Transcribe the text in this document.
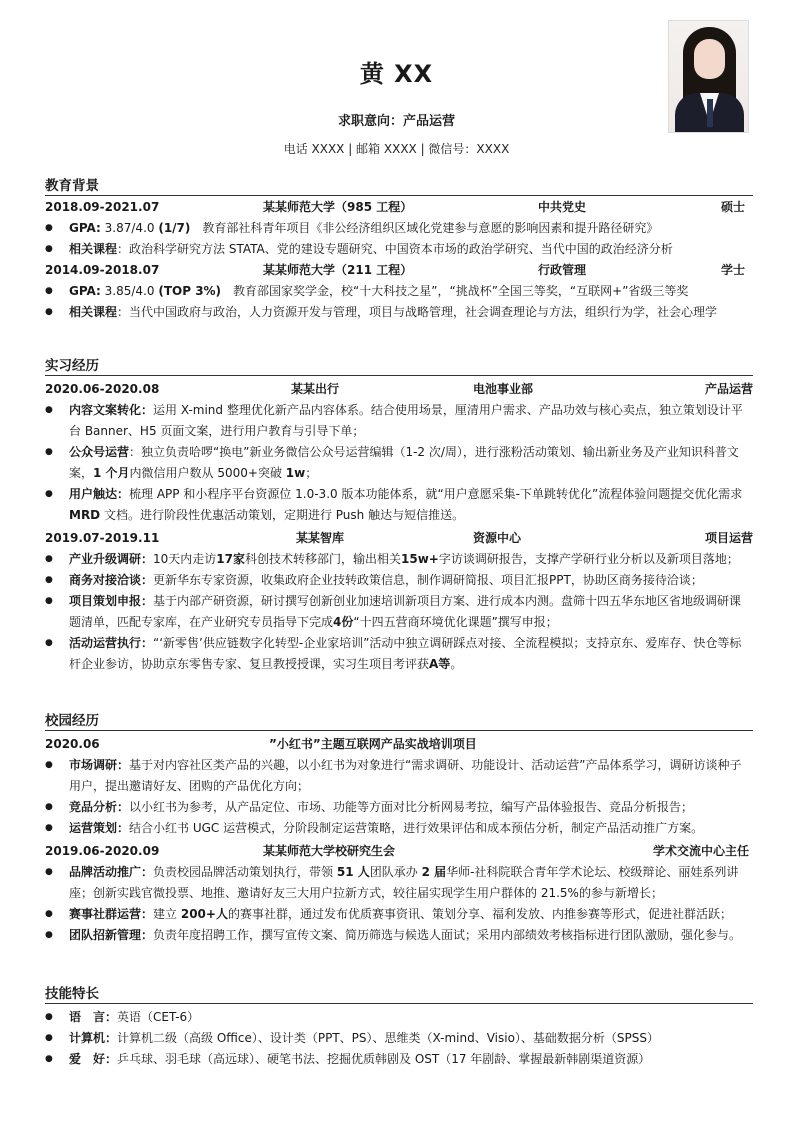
黄 XX
求职意向：产品运营
电话 XXXX | 邮箱 XXXX | 微信号：XXXX
教育背景
2018.09-2021.07	某某师范大学（985 工程）	中共党史	硕士
● GPA: 3.87/4.0 (1/7)　教育部社科青年项目《非公经济组织区域化党建参与意愿的影响因素和提升路径研究》
● 相关课程：政治科学研究方法 STATA、党的建设专题研究、中国资本市场的政治学研究、当代中国的政治经济分析
2014.09-2018.07	某某师范大学（211 工程）	行政管理	学士
● GPA: 3.85/4.0 (TOP 3%)　教育部国家奖学金，校“十大科技之星”，“挑战杯”全国三等奖，“互联网+”省级三等奖
● 相关课程：当代中国政府与政治，人力资源开发与管理，项目与战略管理，社会调查理论与方法，组织行为学，社会心理学
实习经历
2020.06-2020.08	某某出行	电池事业部	产品运营
● 内容文案转化：运用 X-mind 整理优化新产品内容体系。结合使用场景，厘清用户需求、产品功效与核心卖点，独立策划设计平台 Banner、H5 页面文案，进行用户教育与引导下单；
● 公众号运营：独立负责哈啰“换电”新业务微信公众号运营编辑（1-2 次/周），进行涨粉活动策划、输出新业务及产业知识科普文案，1 个月内微信用户数从 5000+突破 1w；
● 用户触达：梳理 APP 和小程序平台资源位 1.0-3.0 版本功能体系，就“用户意愿采集-下单跳转优化”流程体验问题提交优化需求 MRD 文档。进行阶段性优惠活动策划，定期进行 Push 触达与短信推送。
2019.07-2019.11	某某智库	资源中心	项目运营
● 产业升级调研：10天内走访17家科创技术转移部门，输出相关15w+字访谈调研报告，支撑产学研行业分析以及新项目落地；
● 商务对接洽谈：更新华东专家资源，收集政府企业技转政策信息，制作调研简报、项目汇报PPT，协助区商务接待洽谈；
● 项目策划申报：基于内部产研资源，研讨撰写创新创业加速培训新项目方案、进行成本内测。盘筛十四五华东地区省地级调研课题清单，匹配专家库，在产业研究专员指导下完成4份“十四五营商环境优化课题”撰写申报；
● 活动运营执行：“‘新零售’供应链数字化转型-企业家培训”活动中独立调研踩点对接、全流程模拟；支持京东、爱库存、快仓等标杆企业参访，协助京东零售专家、复旦教授授课，实习生项目考评获A等。
校园经历
2020.06	”小红书”主题互联网产品实战培训项目
● 市场调研：基于对内容社区类产品的兴趣，以小红书为对象进行“需求调研、功能设计、活动运营”产品体系学习，调研访谈种子用户，提出邀请好友、团购的产品优化方向；
● 竞品分析：以小红书为参考，从产品定位、市场、功能等方面对比分析网易考拉，编写产品体验报告、竞品分析报告；
● 运营策划：结合小红书 UGC 运营模式，分阶段制定运营策略，进行效果评估和成本预估分析，制定产品活动推广方案。
2019.06-2020.09	某某师范大学校研究生会	学术交流中心主任
● 品牌活动推广：负责校园品牌活动策划执行，带领 51 人团队承办 2 届华师-社科院联合青年学术论坛、校级辩论、丽娃系列讲座；创新实践官微投票、地推、邀请好友三大用户拉新方式，较往届实现学生用户群体的 21.5%的参与新增长；
● 赛事社群运营：建立 200+人的赛事社群，通过发布优质赛事资讯、策划分享、福利发放、内推参赛等形式，促进社群活跃；
● 团队招新管理：负责年度招聘工作，撰写宣传文案、简历筛选与候选人面试；采用内部绩效考核指标进行团队激励，强化参与。
技能特长
● 语　言：英语（CET-6）
● 计算机：计算机二级（高级 Office）、设计类（PPT、PS）、思维类（X-mind、Visio）、基础数据分析（SPSS）
● 爱　好：乒乓球、羽毛球（高远球）、硬笔书法、挖掘优质韩剧及 OST（17 年剧龄、掌握最新韩剧渠道资源）
